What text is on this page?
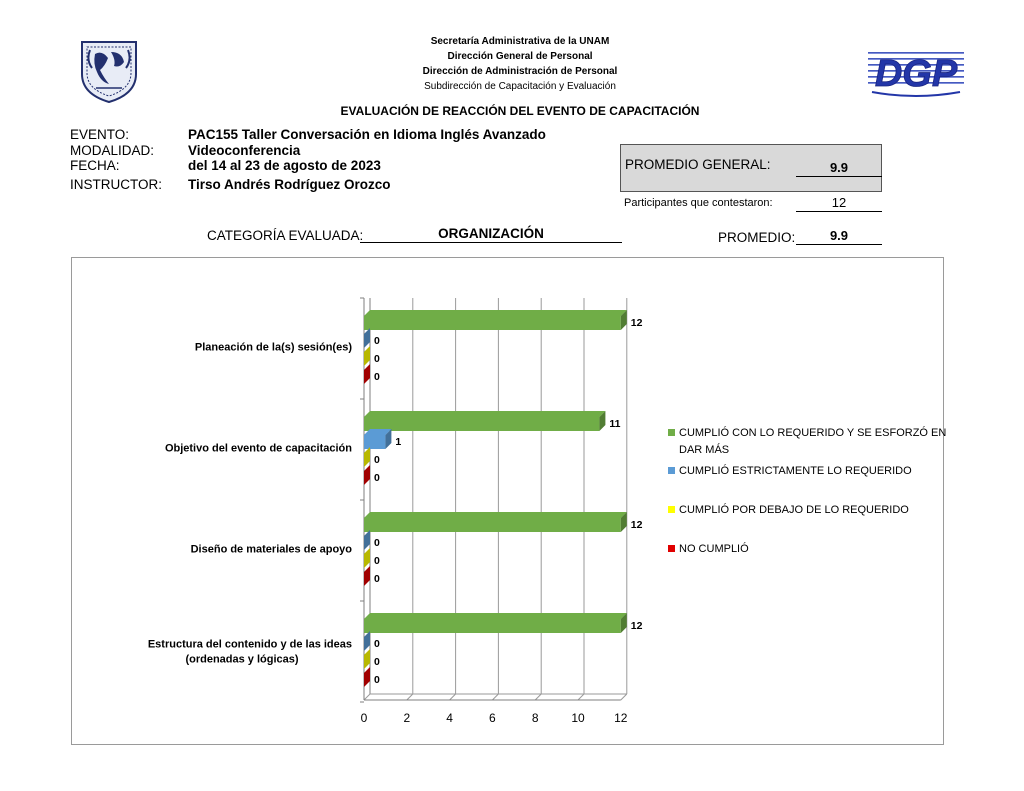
DGP
Secretaría Administrativa de la UNAM
Dirección General de Personal
Dirección de Administración de Personal
Subdirección de Capacitación y Evaluación
EVALUACIÓN DE REACCIÓN DEL EVENTO DE CAPACITACIÓN
EVENTO:	PAC155 Taller Conversación en Idioma Inglés Avanzado
MODALIDAD:	Videoconferencia
FECHA:	del 14 al 23 de agosto de 2023
INSTRUCTOR: Tirso Andrés Rodríguez Orozco
PROMEDIO GENERAL:	9.9
Participantes que contestaron:	12
CATEGORÍA EVALUADA:	ORGANIZACIÓN	PROMEDIO:	9.9
0	2	4	6	8	10 12
12
0
0
0
Planeación de la(s) sesión(es)
11
1
0
0
Objetivo del evento de capacitación
12
0
0
0
Diseño de materiales de apoyo
12
0
0
0
Estructura del contenido y de las ideas (ordenadas y lógicas)
CUMPLIÓ CON LO REQUERIDO Y SE ESFORZÓ EN DAR MÁS
CUMPLIÓ ESTRICTAMENTE LO REQUERIDO
CUMPLIÓ POR DEBAJO DE LO REQUERIDO
NO CUMPLIÓ
